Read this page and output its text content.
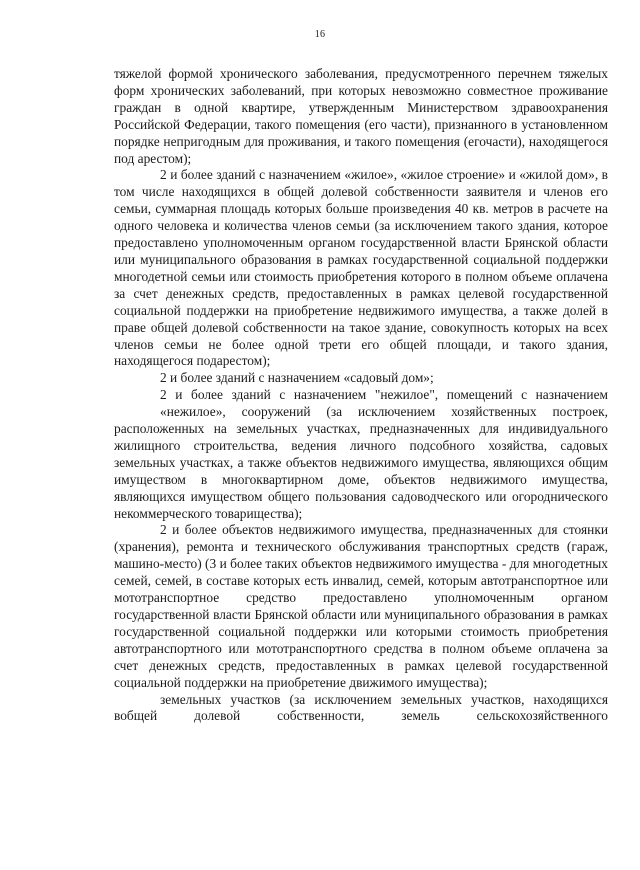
16

тяжелой формой хронического заболевания, предусмотренного перечнем тяжелых форм хронических заболеваний, при которых невозможно совместное проживание граждан в одной квартире, утвержденным Министерством здравоохранения Российской Федерации, такого помещения (его части), признанного в установленном порядке непригодным для проживания, и такого помещения (егочасти), находящегося под арестом);

2 и более зданий с назначением «жилое», «жилое строение» и «жилой дом», в том числе находящихся в общей долевой собственности заявителя и членов его семьи, суммарная площадь которых больше произведения 40 кв. метров в расчете на одного человека и количества членов семьи (за исключением такого здания, которое предоставлено уполномоченным органом государственной власти Брянской области или муниципального образования в рамках государственной социальной поддержки многодетной семьи или стоимость приобретения которого в полном объеме оплачена за счет денежных средств, предоставленных в рамках целевой государственной социальной поддержки на приобретение недвижимого имущества, а также долей в праве общей долевой собственности на такое здание, совокупность которых на всех членов семьи не более одной трети его общей площади, и такого здания, находящегося подарестом);

2 и более зданий с назначением «садовый дом»;

2 и более зданий с назначением "нежилое", помещений с назначением

«нежилое», сооружений (за исключением хозяйственных построек, расположенных на земельных участках, предназначенных для индивидуального жилищного строительства, ведения личного подсобного хозяйства, садовых земельных участках, а также объектов недвижимого имущества, являющихся общим имуществом в многоквартирном доме, объектов недвижимого имущества, являющихся имуществом общего пользования садоводческого или огороднического некоммерческого товарищества);

2 и более объектов недвижимого имущества, предназначенных для стоянки (хранения), ремонта и технического обслуживания транспортных средств (гараж, машино-место) (3 и более таких объектов недвижимого имущества - для многодетных семей, семей, в составе которых есть инвалид, семей, которым автотранспортное или мототранспортное средство предоставлено уполномоченным органом государственной власти Брянской области или муниципального образования в рамках государственной социальной поддержки или которыми стоимость приобретения автотранспортного или мототранспортного средства в полном объеме оплачена за счет денежных средств, предоставленных в рамках целевой государственной социальной поддержки на приобретение движимого имущества);

земельных участков (за исключением земельных участков, находящихся вобщей долевой собственности, земель сельскохозяйственного
